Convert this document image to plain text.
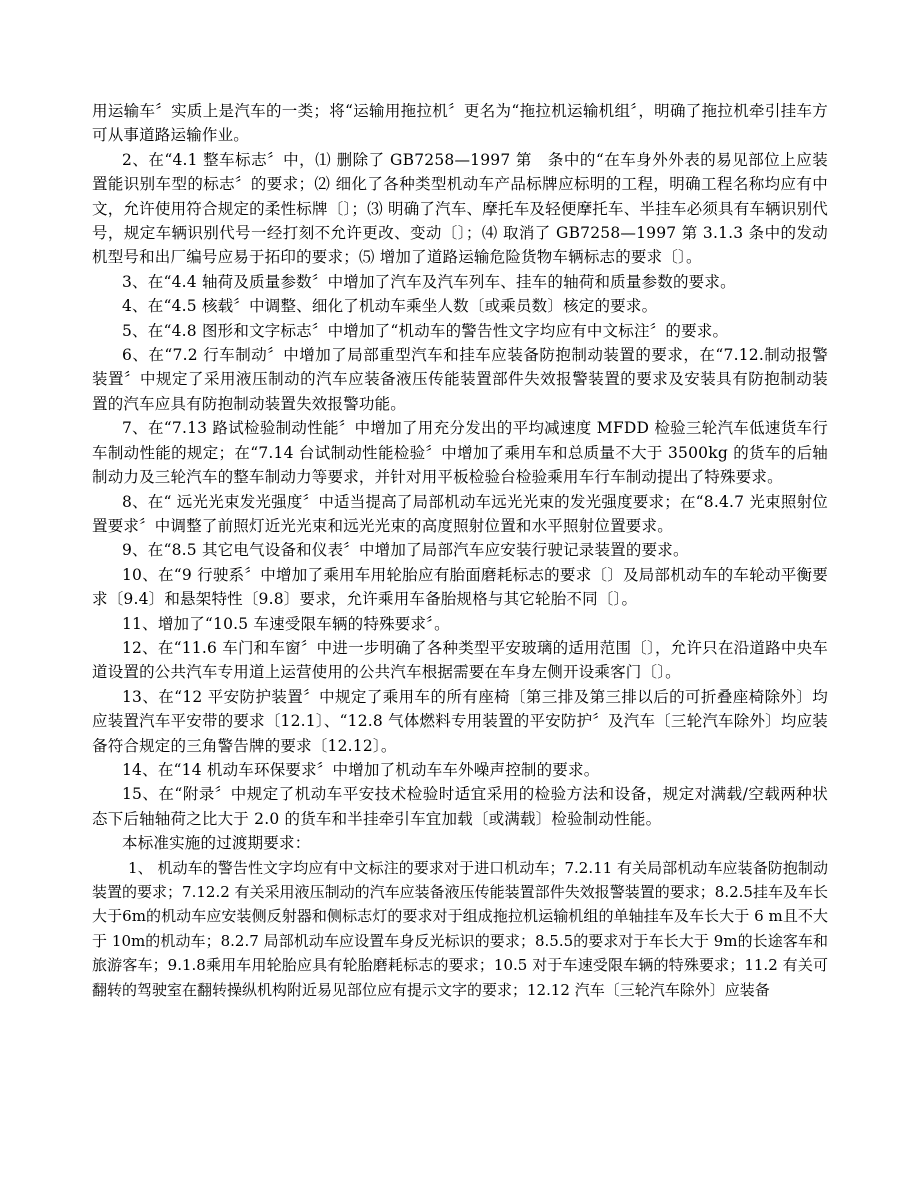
用运输车〞实质上是汽车的一类；将“运输用拖拉机〞更名为“拖拉机运输机组〞，明确了拖拉机牵引挂车方可从事道路运输作业。

2、在“4.1 整车标志〞中，⑴ 删除了 GB7258—1997 第　条中的“在车身外外表的易见部位上应装置能识别车型的标志〞的要求；⑵ 细化了各种类型机动车产品标牌应标明的工程，明确工程名称均应有中文，允许使用符合规定的柔性标牌〔〕；⑶ 明确了汽车、摩托车及轻便摩托车、半挂车必须具有车辆识别代号，规定车辆识别代号一经打刻不允许更改、变动〔〕；⑷ 取消了 GB7258—1997 第 3.1.3 条中的发动机型号和出厂编号应易于拓印的要求；⑸ 增加了道路运输危险货物车辆标志的要求〔〕。

3、在“4.4 轴荷及质量参数〞中增加了汽车及汽车列车、挂车的轴荷和质量参数的要求。

4、在“4.5 核载〞中调整、细化了机动车乘坐人数〔或乘员数〕核定的要求。

5、在“4.8 图形和文字标志〞中增加了“机动车的警告性文字均应有中文标注〞的要求。

6、在“7.2 行车制动〞中增加了局部重型汽车和挂车应装备防抱制动装置的要求，在“7.12.制动报警装置〞中规定了采用液压制动的汽车应装备液压传能装置部件失效报警装置的要求及安装具有防抱制动装置的汽车应具有防抱制动装置失效报警功能。

7、在“7.13 路试检验制动性能〞中增加了用充分发出的平均减速度 MFDD 检验三轮汽车低速货车行车制动性能的规定；在“7.14 台试制动性能检验〞中增加了乘用车和总质量不大于 3500kg 的货车的后轴制动力及三轮汽车的整车制动力等要求，并针对用平板检验台检验乘用车行车制动提出了特殊要求。

8、在“ 远光光束发光强度〞中适当提高了局部机动车远光光束的发光强度要求；在“8.4.7 光束照射位置要求〞中调整了前照灯近光光束和远光光束的高度照射位置和水平照射位置要求。

9、在“8.5 其它电气设备和仪表〞中增加了局部汽车应安装行驶记录装置的要求。

10、在“9 行驶系〞中增加了乘用车用轮胎应有胎面磨耗标志的要求〔〕及局部机动车的车轮动平衡要求〔9.4〕和悬架特性〔9.8〕要求，允许乘用车备胎规格与其它轮胎不同〔〕。

11、增加了“10.5 车速受限车辆的特殊要求〞。

12、在“11.6 车门和车窗〞中进一步明确了各种类型平安玻璃的适用范围〔〕，允许只在沿道路中央车道设置的公共汽车专用道上运营使用的公共汽车根据需要在车身左侧开设乘客门〔〕。

13、在“12 平安防护装置〞中规定了乘用车的所有座椅〔第三排及第三排以后的可折叠座椅除外〕均应装置汽车平安带的要求〔12.1〕、“12.8 气体燃料专用装置的平安防护〞及汽车〔三轮汽车除外〕均应装备符合规定的三角警告牌的要求〔12.12〕。

14、在“14 机动车环保要求〞中增加了机动车车外噪声控制的要求。

15、在“附录〞中规定了机动车平安技术检验时适宜采用的检验方法和设备，规定对满载/空载两种状态下后轴轴荷之比大于 2.0 的货车和半挂牵引车宜加载〔或满载〕检验制动性能。

本标准实施的过渡期要求：

1、 机动车的警告性文字均应有中文标注的要求对于进口机动车；7.2.11 有关局部机动车应装备防抱制动装置的要求；7.12.2 有关采用液压制动的汽车应装备液压传能装置部件失效报警装置的要求；8.2.5挂车及车长大于6m的机动车应安装侧反射器和侧标志灯的要求对于组成拖拉机运输机组的单轴挂车及车长大于 6 m且不大于 10m的机动车；8.2.7 局部机动车应设置车身反光标识的要求；8.5.5的要求对于车长大于 9m的长途客车和旅游客车；9.1.8乘用车用轮胎应具有轮胎磨耗标志的要求；10.5 对于车速受限车辆的特殊要求；11.2 有关可翻转的驾驶室在翻转操纵机构附近易见部位应有提示文字的要求；12.12 汽车〔三轮汽车除外〕应装备
